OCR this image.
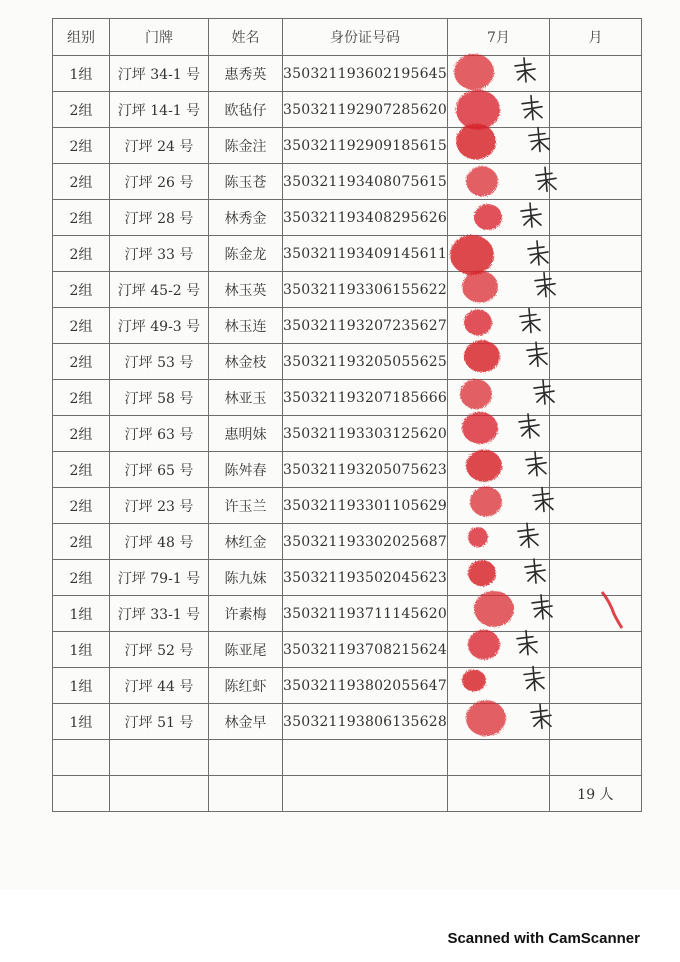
组别	门牌	姓名	身份证号码	7月	月
1组	汀坪 34-1 号	惠秀英	350321193602195645		
2组	汀坪 14-1 号	欧毡仔	350321192907285620		
2组	汀坪 24 号	陈金注	350321192909185615		
2组	汀坪 26 号	陈玉苍	350321193408075615		
2组	汀坪 28 号	林秀金	350321193408295626		
2组	汀坪 33 号	陈金龙	350321193409145611		
2组	汀坪 45-2 号	林玉英	350321193306155622		
2组	汀坪 49-3 号	林玉连	350321193207235627		
2组	汀坪 53 号	林金枝	350321193205055625		
2组	汀坪 58 号	林亚玉	350321193207185666		
2组	汀坪 63 号	惠明妹	350321193303125620		
2组	汀坪 65 号	陈舛春	350321193205075623		
2组	汀坪 23 号	许玉兰	350321193301105629		
2组	汀坪 48 号	林红金	350321193302025687		
2组	汀坪 79-1 号	陈九妹	350321193502045623		
1组	汀坪 33-1 号	许素梅	350321193711145620		
1组	汀坪 52 号	陈亚尾	350321193708215624		
1组	汀坪 44 号	陈红虾	350321193802055647		
1组	汀坪 51 号	林金早	350321193806135628		

					19 人
Scanned with CamScanner
